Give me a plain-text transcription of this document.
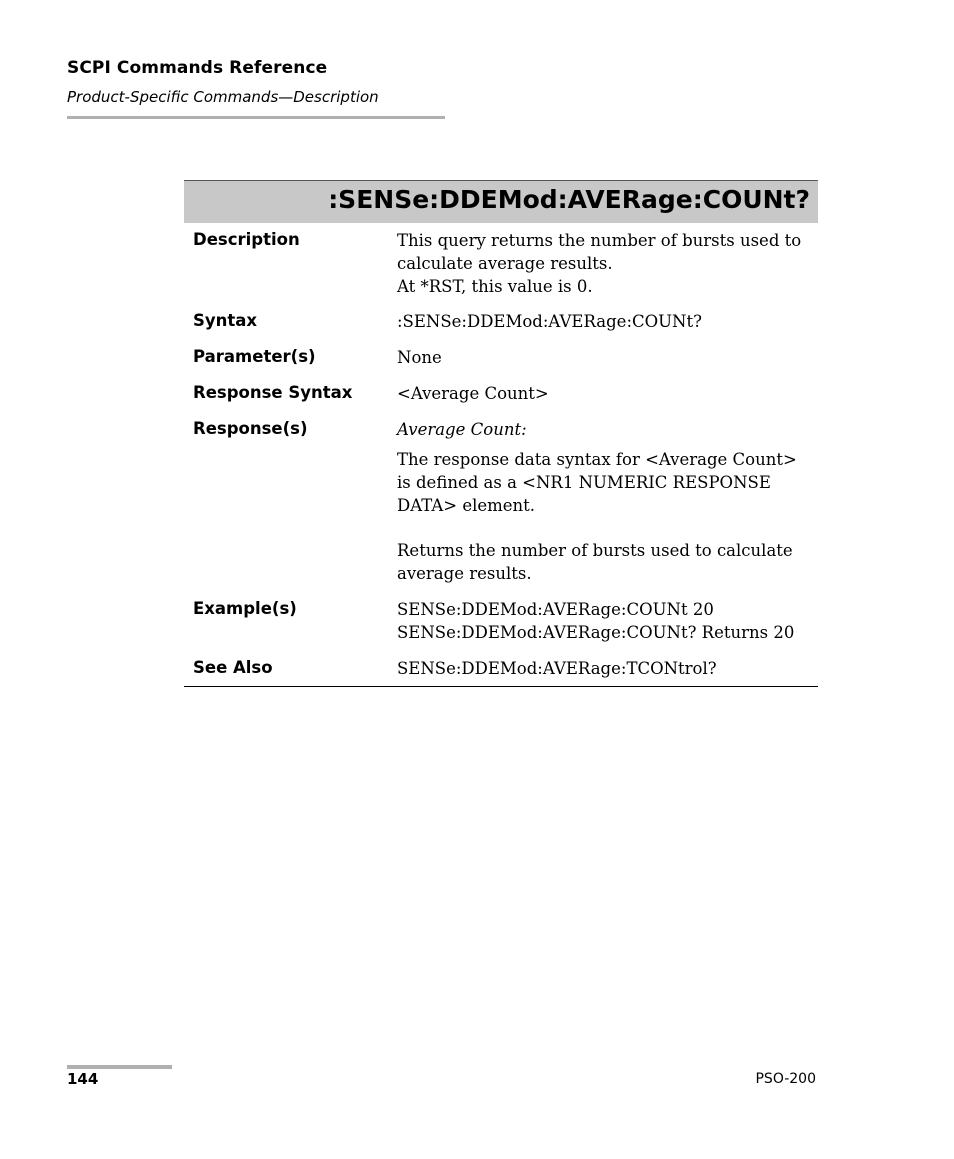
SCPI Commands Reference
Product-Specific Commands—Description
:SENSe:DDEMod:AVERage:COUNt?
Description	This query returns the number of bursts used to
calculate average results.
At *RST, this value is 0.
Syntax	:SENSe:DDEMod:AVERage:COUNt?
Parameter(s)	None
Response Syntax	<Average Count>
Response(s)	Average Count:
The response data syntax for <Average Count>
is defined as a <NR1 NUMERIC RESPONSE
DATA> element.
Returns the number of bursts used to calculate
average results.
Example(s)	SENSe:DDEMod:AVERage:COUNt 20
SENSe:DDEMod:AVERage:COUNt? Returns 20
See Also	SENSe:DDEMod:AVERage:TCONtrol?
144	PSO-200
